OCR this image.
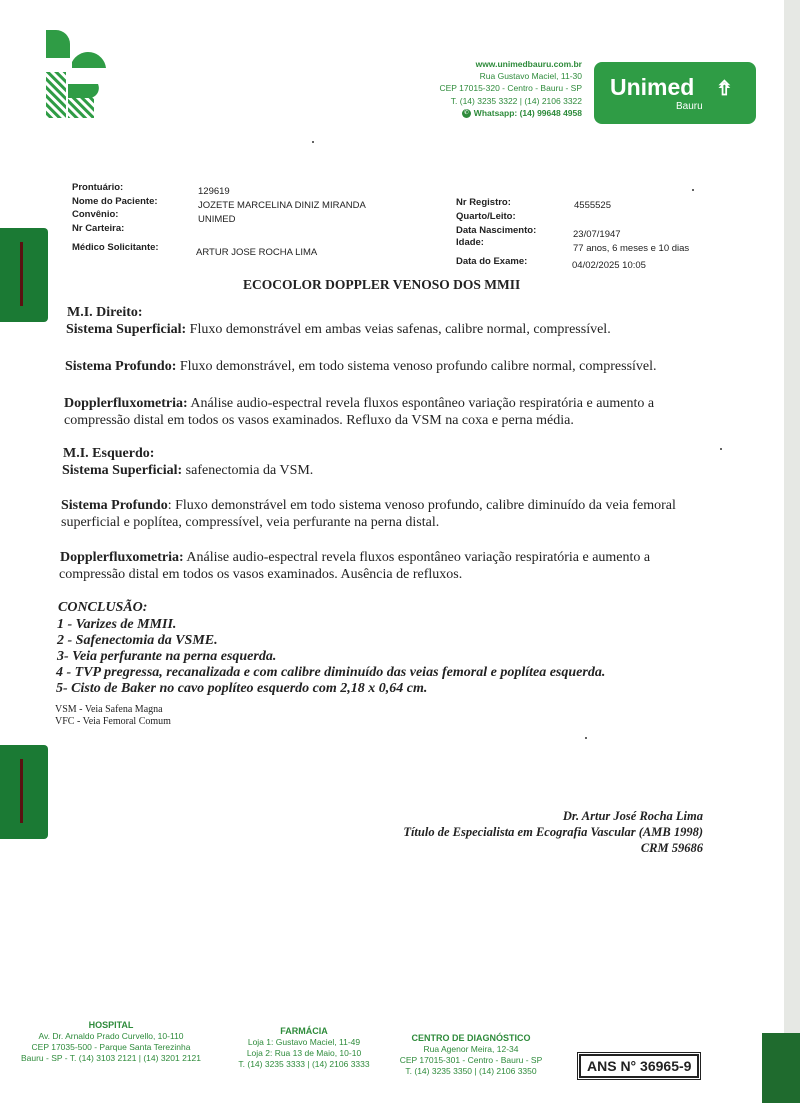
www.unimedbauru.com.br
Rua Gustavo Maciel, 11-30
CEP 17015-320 - Centro - Bauru - SP
T. (14) 3235 3322 | (14) 2106 3322
✆ Whatsapp: (14) 99648 4958
Unimed ⇮
Bauru
Prontuário:	129619
Nome do Paciente:	JOZETE MARCELINA DINIZ MIRANDA
Convênio:	UNIMED
Nr Carteira:
Médico Solicitante:	ARTUR JOSE ROCHA LIMA
Nr Registro:	4555525
Quarto/Leito:
Data Nascimento:	23/07/1947
Idade:
77 anos, 6 meses e 10 dias
Data do Exame:	04/02/2025 10:05
ECOCOLOR DOPPLER VENOSO DOS MMII
M.I. Direito:
Sistema Superficial: Fluxo demonstrável em ambas veias safenas, calibre normal, compressível.
Sistema Profundo: Fluxo demonstrável, em todo sistema venoso profundo calibre normal, compressível.
Dopplerfluxometria: Análise audio-espectral revela fluxos espontâneo variação respiratória e aumento a
compressão distal em todos os vasos examinados. Refluxo da VSM na coxa e perna média.
M.I. Esquerdo:
Sistema Superficial: safenectomia da VSM.
Sistema Profundo: Fluxo demonstrável em todo sistema venoso profundo, calibre diminuído da veia femoral
superficial e poplítea, compressível, veia perfurante na perna distal.
Dopplerfluxometria: Análise audio-espectral revela fluxos espontâneo variação respiratória e aumento a
compressão distal em todos os vasos examinados. Ausência de refluxos.
CONCLUSÃO:
1 - Varizes de MMII.
2 - Safenectomia da VSME.
3- Veia perfurante na perna esquerda.
4 - TVP pregressa, recanalizada e com calibre diminuído das veias femoral e poplítea esquerda.
5- Cisto de Baker no cavo poplíteo esquerdo com 2,18 x 0,64 cm.
VSM - Veia Safena Magna
VFC - Veia Femoral Comum
Dr. Artur José Rocha Lima
Título de Especialista em Ecografia Vascular (AMB 1998)
CRM 59686
HOSPITAL
Av. Dr. Arnaldo Prado Curvello, 10-110
CEP 17035-500 - Parque Santa Terezinha
Bauru - SP - T. (14) 3103 2121 | (14) 3201 2121
FARMÁCIA
Loja 1: Gustavo Maciel, 11-49
Loja 2: Rua 13 de Maio, 10-10
T. (14) 3235 3333 | (14) 2106 3333
CENTRO DE DIAGNÓSTICO
Rua Agenor Meira, 12-34
CEP 17015-301 - Centro - Bauru - SP
T. (14) 3235 3350 | (14) 2106 3350	ANS N° 36965-9
